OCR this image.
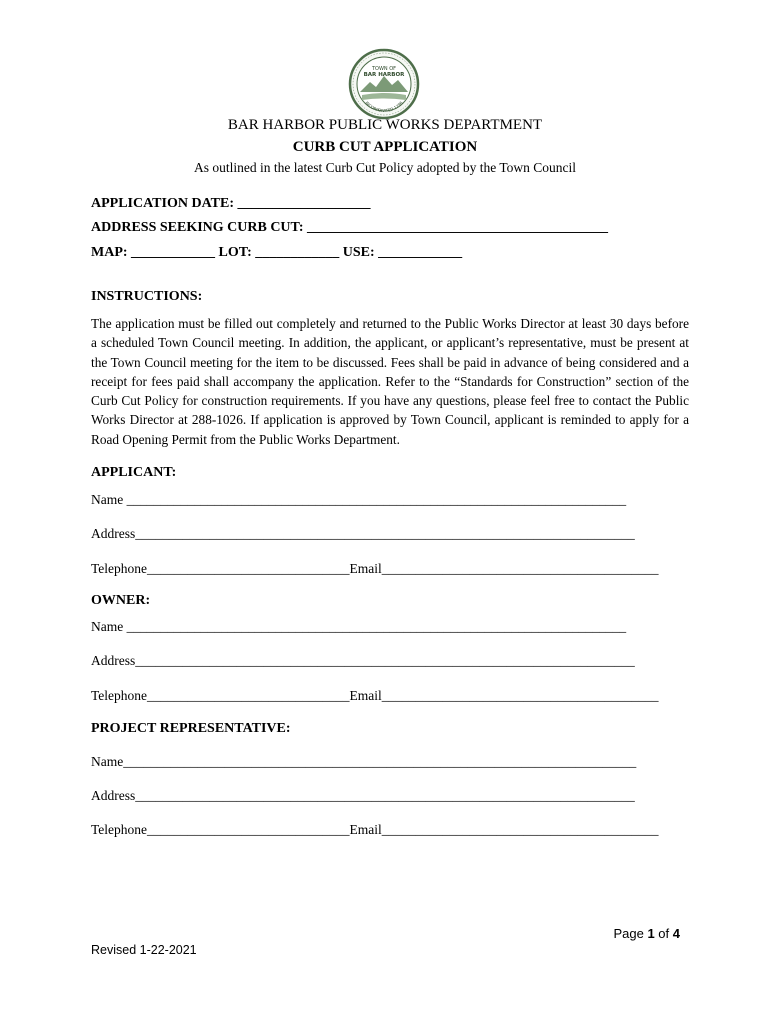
TOWN OF
BAR HARBOR
INCORPORATED 1796
BAR HARBOR PUBLIC WORKS DEPARTMENT
CURB CUT APPLICATION
As outlined in the latest Curb Cut Policy adopted by the Town Council
APPLICATION DATE: ___________________
ADDRESS SEEKING CURB CUT: ___________________________________________
MAP: ____________ LOT: ____________ USE: ____________
INSTRUCTIONS:
The application must be filled out completely and returned to the Public Works Director at least 30 days before a scheduled Town Council meeting. In addition, the applicant, or applicant’s representative, must be present at the Town Council meeting for the item to be discussed. Fees shall be paid in advance of being considered and a receipt for fees paid shall accompany the application. Refer to the “Standards for Construction” section of the Curb Cut Policy for construction requirements. If you have any questions, please feel free to contact the Public Works Director at 288-1026. If application is approved by Town Council, applicant is reminded to apply for a Road Opening Permit from the Public Works Department.
APPLICANT:
Name __________________________________________________________________________
Address__________________________________________________________________________
Telephone______________________________Email_________________________________________
OWNER:
Name __________________________________________________________________________
Address__________________________________________________________________________
Telephone______________________________Email_________________________________________
PROJECT REPRESENTATIVE:
Name____________________________________________________________________________
Address__________________________________________________________________________
Telephone______________________________Email_________________________________________
Page 1 of 4
Revised 1-22-2021
